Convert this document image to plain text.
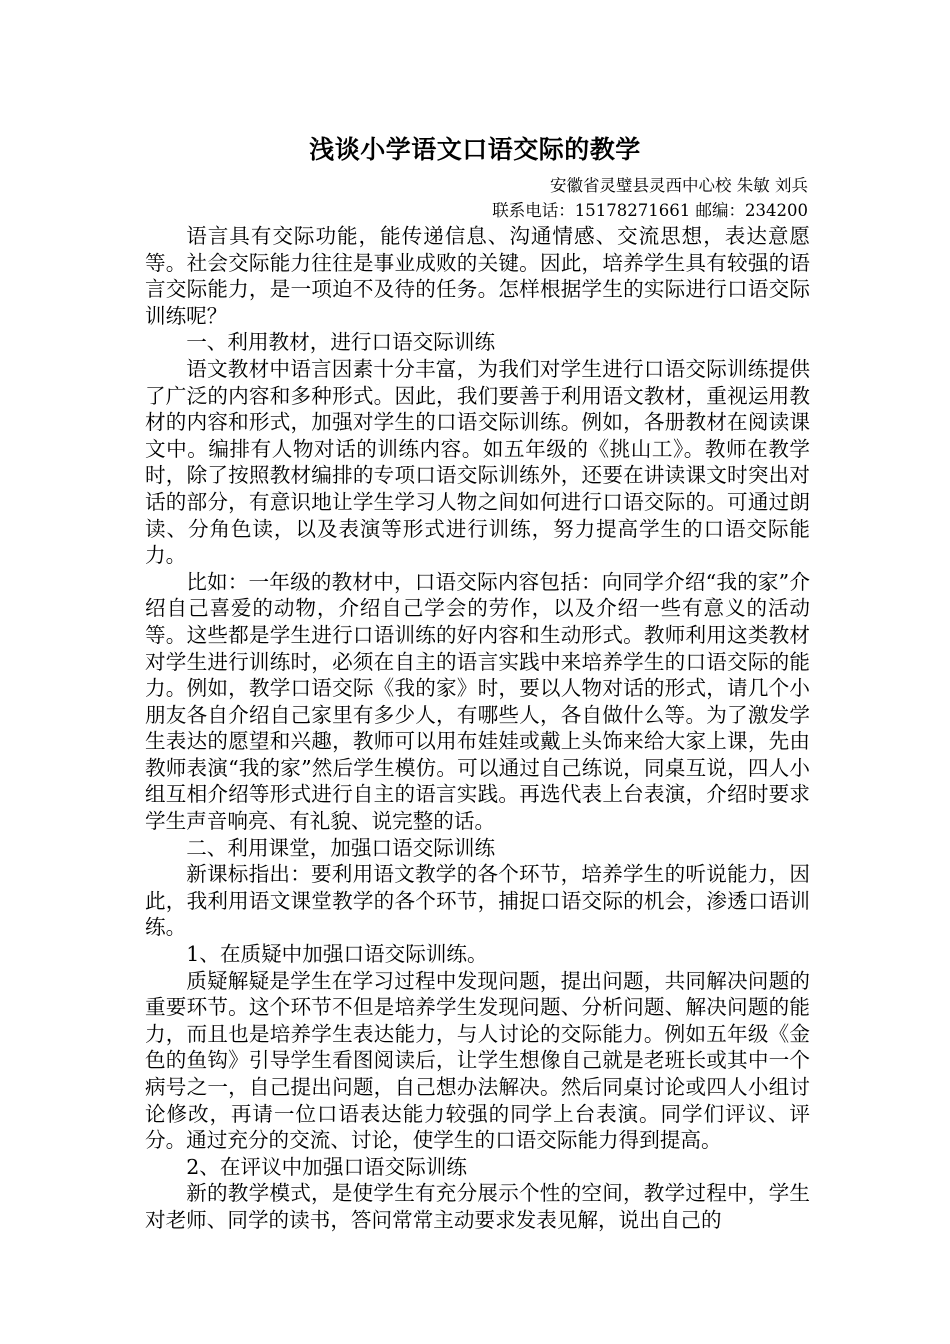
浅谈小学语文口语交际的教学
安徽省灵璧县灵西中心校 朱敏 刘兵
联系电话：15178271661 邮编：234200

语言具有交际功能，能传递信息、沟通情感、交流思想，表达意愿等。社会交际能力往往是事业成败的关键。因此，培养学生具有较强的语言交际能力，是一项迫不及待的任务。怎样根据学生的实际进行口语交际训练呢？

一、利用教材，进行口语交际训练

语文教材中语言因素十分丰富，为我们对学生进行口语交际训练提供了广泛的内容和多种形式。因此，我们要善于利用语文教材，重视运用教材的内容和形式，加强对学生的口语交际训练。例如，各册教材在阅读课文中。编排有人物对话的训练内容。如五年级的《挑山工》。教师在教学时，除了按照教材编排的专项口语交际训练外，还要在讲读课文时突出对话的部分，有意识地让学生学习人物之间如何进行口语交际的。可通过朗读、分角色读，以及表演等形式进行训练，努力提高学生的口语交际能力。

比如：一年级的教材中，口语交际内容包括：向同学介绍“我的家”介绍自己喜爱的动物，介绍自己学会的劳作，以及介绍一些有意义的活动等。这些都是学生进行口语训练的好内容和生动形式。教师利用这类教材对学生进行训练时，必须在自主的语言实践中来培养学生的口语交际的能力。例如，教学口语交际《我的家》时，要以人物对话的形式，请几个小朋友各自介绍自己家里有多少人，有哪些人，各自做什么等。为了激发学生表达的愿望和兴趣，教师可以用布娃娃或戴上头饰来给大家上课，先由教师表演“我的家”然后学生模仿。可以通过自己练说，同桌互说，四人小组互相介绍等形式进行自主的语言实践。再选代表上台表演，介绍时要求学生声音响亮、有礼貌、说完整的话。

二、利用课堂，加强口语交际训练

新课标指出：要利用语文教学的各个环节，培养学生的听说能力，因此，我利用语文课堂教学的各个环节，捕捉口语交际的机会，渗透口语训练。

1、在质疑中加强口语交际训练。

质疑解疑是学生在学习过程中发现问题，提出问题，共同解决问题的重要环节。这个环节不但是培养学生发现问题、分析问题、解决问题的能力，而且也是培养学生表达能力，与人讨论的交际能力。例如五年级《金色的鱼钩》引导学生看图阅读后，让学生想像自己就是老班长或其中一个病号之一，自己提出问题，自己想办法解决。然后同桌讨论或四人小组讨论修改，再请一位口语表达能力较强的同学上台表演。同学们评议、评分。通过充分的交流、讨论，使学生的口语交际能力得到提高。

2、在评议中加强口语交际训练

新的教学模式，是使学生有充分展示个性的空间，教学过程中，学生对老师、同学的读书，答问常常主动要求发表见解，说出自己的
